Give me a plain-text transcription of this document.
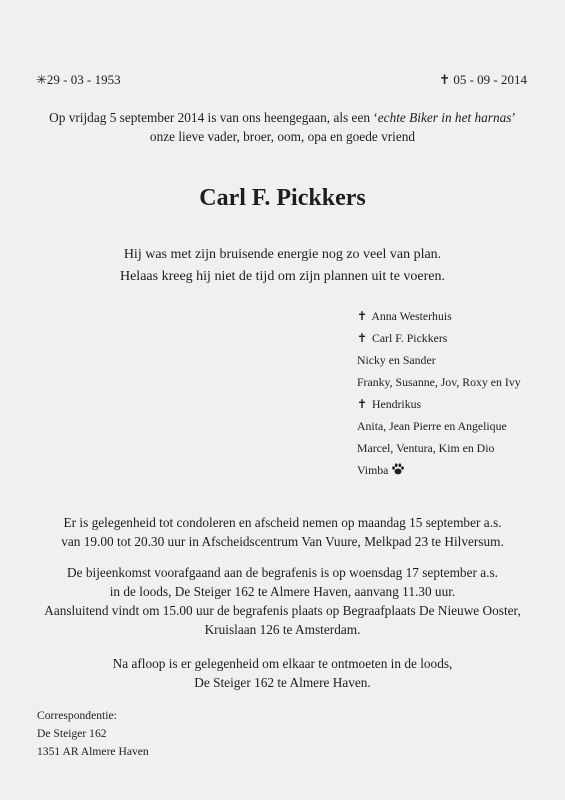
✳29 - 03 - 1953	✝ 05 - 09 - 2014
Op vrijdag 5 september 2014 is van ons heengegaan, als een ‘echte Biker in het harnas’
onze lieve vader, broer, oom, opa en goede vriend
Carl F. Pickkers
Hij was met zijn bruisende energie nog zo veel van plan.
Helaas kreeg hij niet de tijd om zijn plannen uit te voeren.
✝ Anna Westerhuis
✝ Carl F. Pickkers
Nicky en Sander
Franky, Susanne, Jov, Roxy en Ivy
✝ Hendrikus
Anita, Jean Pierre en Angelique
Marcel, Ventura, Kim en Dio
Vimba
Er is gelegenheid tot condoleren en afscheid nemen op maandag 15 september a.s.
van 19.00 tot 20.30 uur in Afscheidscentrum Van Vuure, Melkpad 23 te Hilversum.
De bijeenkomst voorafgaand aan de begrafenis is op woensdag 17 september a.s.
in de loods, De Steiger 162 te Almere Haven, aanvang 11.30 uur.
Aansluitend vindt om 15.00 uur de begrafenis plaats op Begraafplaats De Nieuwe Ooster,
Kruislaan 126 te Amsterdam.
Na afloop is er gelegenheid om elkaar te ontmoeten in de loods,
De Steiger 162 te Almere Haven.
Correspondentie:
De Steiger 162
1351 AR Almere Haven
